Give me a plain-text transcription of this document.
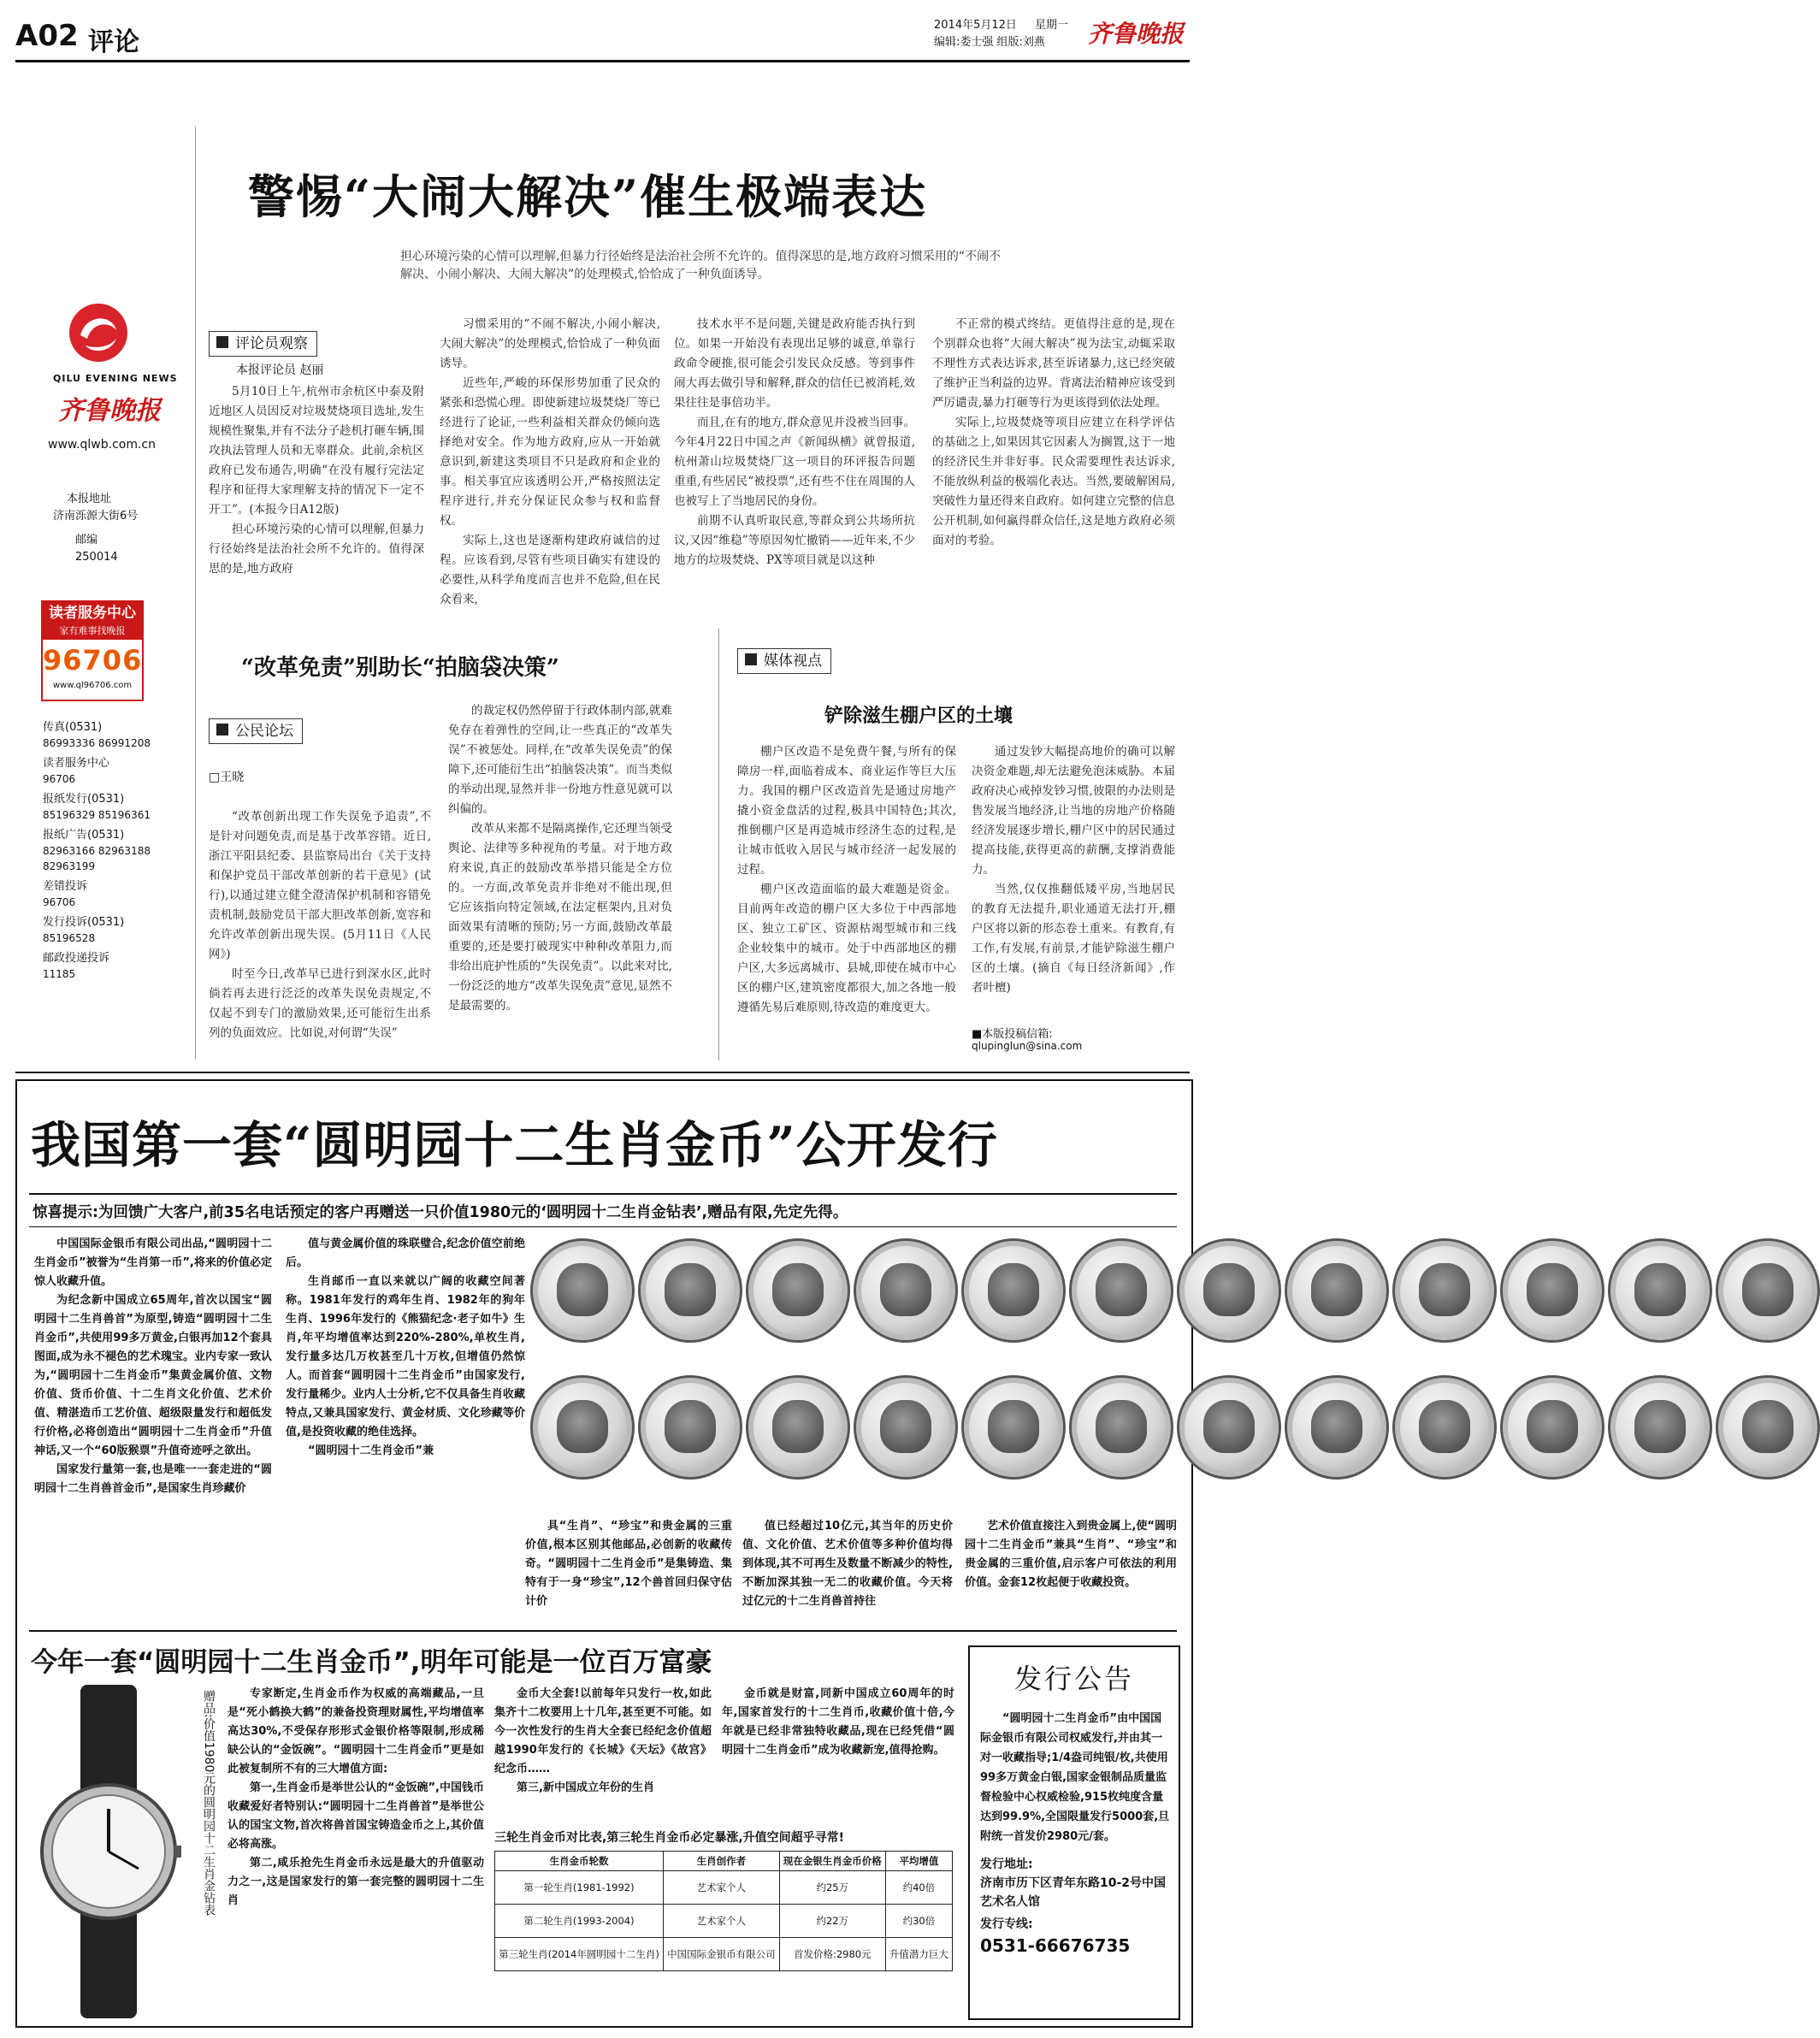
A02 评论
2014年5月12日 星期一
编辑:娄士强 组版:刘燕 齐鲁晚报
QILU EVENING NEWS
齐鲁晚报
www.qlwb.com.cn
本报地址
济南泺源大街6号
邮编
250014
读者服务中心
家有难事找晚报
96706
www.ql96706.com
传真(0531)
86993336 86991208
读者服务中心
96706
报纸发行(0531)
85196329 85196361
报纸广告(0531)
82963166 82963188 82963199
差错投诉
96706
发行投诉(0531)
85196528
邮政投递投诉
11185
警惕“大闹大解决”催生极端表达
担心环境污染的心情可以理解,但暴力行径始终是法治社会所不允许的。值得深思的是,地方政府习惯采用的“不闹不解决、小闹小解决、大闹大解决”的处理模式,恰恰成了一种负面诱导。
评论员观察
本报评论员 赵丽

5月10日上午,杭州市余杭区中泰及附近地区人员因反对垃圾焚烧项目选址,发生规模性聚集,并有不法分子趁机打砸车辆,围攻执法管理人员和无辜群众。此前,余杭区政府已发布通告,明确“在没有履行完法定程序和征得大家理解支持的情况下一定不开工”。(本报今日A12版)

担心环境污染的心情可以理解,但暴力行径始终是法治社会所不允许的。值得深思的是,地方政府

习惯采用的“不闹不解决,小闹小解决,大闹大解决”的处理模式,恰恰成了一种负面诱导。

近些年,严峻的环保形势加重了民众的紧张和恐慌心理。即使新建垃圾焚烧厂等已经进行了论证,一些利益相关群众仍倾向选择绝对安全。作为地方政府,应从一开始就意识到,新建这类项目不只是政府和企业的事。相关事宜应该透明公开,严格按照法定程序进行,并充分保证民众参与权和监督权。

实际上,这也是逐渐构建政府诚信的过程。应该看到,尽管有些项目确实有建设的必要性,从科学角度而言也并不危险,但在民众看来,

技术水平不是问题,关键是政府能否执行到位。如果一开始没有表现出足够的诚意,单靠行政命令硬推,很可能会引发民众反感。等到事件闹大再去做引导和解释,群众的信任已被消耗,效果往往是事倍功半。

而且,在有的地方,群众意见并没被当回事。今年4月22日中国之声《新闻纵横》就曾报道,杭州萧山垃圾焚烧厂这一项目的环评报告问题重重,有些居民“被投票”,还有些不住在周围的人也被写上了当地居民的身份。

前期不认真听取民意,等群众到公共场所抗议,又因“维稳”等原因匆忙撤销——近年来,不少地方的垃圾焚烧、PX等项目就是以这种

不正常的模式终结。更值得注意的是,现在个别群众也将“大闹大解决”视为法宝,动辄采取不理性方式表达诉求,甚至诉诸暴力,这已经突破了维护正当利益的边界。背离法治精神应该受到严厉谴责,暴力打砸等行为更该得到依法处理。

实际上,垃圾焚烧等项目应建立在科学评估的基础之上,如果因其它因素人为搁置,这于一地的经济民生并非好事。民众需要理性表达诉求,不能放纵利益的极端化表达。当然,要破解困局,突破性力量还得来自政府。如何建立完整的信息公开机制,如何赢得群众信任,这是地方政府必须面对的考验。

“改革免责”别助长“拍脑袋决策”
公民论坛
□王晓

“改革创新出现工作失误免予追责”,不是针对问题免责,而是基于改革容错。近日,浙江平阳县纪委、县监察局出台《关于支持和保护党员干部改革创新的若干意见》(试行),以通过建立健全澄清保护机制和容错免责机制,鼓励党员干部大胆改革创新,宽容和允许改革创新出现失误。(5月11日《人民网》)

时至今日,改革早已进行到深水区,此时倘若再去进行泛泛的改革失误免责规定,不仅起不到专门的激励效果,还可能衍生出系列的负面效应。比如说,对何谓“失误”

的裁定权仍然停留于行政体制内部,就难免存在着弹性的空间,让一些真正的“改革失误”不被惩处。同样,在“改革失误免责”的保障下,还可能衍生出“拍脑袋决策”。而当类似的举动出现,显然并非一份地方性意见就可以纠偏的。

改革从来都不是隔离操作,它还理当领受舆论、法律等多种视角的考量。对于地方政府来说,真正的鼓励改革举措只能是全方位的。一方面,改革免责并非绝对不能出现,但它应该指向特定领域,在法定框架内,且对负面效果有清晰的预防;另一方面,鼓励改革最重要的,还是要打破现实中种种改革阻力,而非给出庇护性质的“失误免责”。以此来对比,一份泛泛的地方“改革失误免责”意见,显然不是最需要的。

媒体视点
铲除滋生棚户区的土壤

棚户区改造不是免费午餐,与所有的保障房一样,面临着成本、商业运作等巨大压力。我国的棚户区改造首先是通过房地产撬小资金盘活的过程,极具中国特色;其次,推倒棚户区是再造城市经济生态的过程,是让城市低收入居民与城市经济一起发展的过程。

棚户区改造面临的最大难题是资金。目前两年改造的棚户区大多位于中西部地区、独立工矿区、资源枯竭型城市和三线企业较集中的城市。处于中西部地区的棚户区,大多远离城市、县城,即使在城市中心区的棚户区,建筑密度都很大,加之各地一般遵循先易后难原则,待改造的难度更大。

通过发钞大幅提高地价的确可以解决资金难题,却无法避免泡沫威胁。本届政府决心戒掉发钞习惯,彼限的办法则是售发展当地经济,让当地的房地产价格随经济发展逐步增长,棚户区中的居民通过提高技能,获得更高的薪酬,支撑消费能力。

当然,仅仅推翻低矮平房,当地居民的教育无法提升,职业通道无法打开,棚户区将以新的形态卷土重来。有教育,有工作,有发展,有前景,才能铲除滋生棚户区的土壤。(摘自《每日经济新闻》,作者叶檀)

■本版投稿信箱:
qlupinglun@sina.com
我国第一套“圆明园十二生肖金币”公开发行
惊喜提示:为回馈广大客户,前35名电话预定的客户再赠送一只价值1980元的‘圆明园十二生肖金钻表’,赠品有限,先定先得。

中国国际金银币有限公司出品,“圆明园十二生肖金币”被誉为“生肖第一币”,将来的价值必定惊人收藏升值。

为纪念新中国成立65周年,首次以国宝“圆明园十二生肖兽首”为原型,铸造“圆明园十二生肖金币”,共使用99多万黄金,白银再加12个套具图面,成为永不褪色的艺术瑰宝。业内专家一致认为,“圆明园十二生肖金币”集黄金属价值、文物价值、货币价值、十二生肖文化价值、艺术价值、精湛造币工艺价值、超级限量发行和超低发行价格,必将创造出“圆明园十二生肖金币”升值神话,又一个“60版猴票”升值奇迹呼之欲出。

国家发行量第一套,也是唯一一套走进的“圆明园十二生肖兽首金币”,是国家生肖珍藏价

值与黄金属价值的珠联璧合,纪念价值空前绝后。

生肖邮币一直以来就以广阔的收藏空间著称。1981年发行的鸡年生肖、1982年的狗年生肖、1996年发行的《熊猫纪念·老子如牛》生肖,年平均增值率达到220%-280%,单枚生肖,发行量多达几万枚甚至几十万枚,但增值仍然惊人。而首套“圆明园十二生肖金币”由国家发行,发行量稀少。业内人士分析,它不仅具备生肖收藏特点,又兼具国家发行、黄金材质、文化珍藏等价值,是投资收藏的绝佳选择。

“圆明园十二生肖金币”兼

具“生肖”、“珍宝”和贵金属的三重价值,根本区别其他邮品,必创新的收藏传奇。“圆明园十二生肖金币”是集铸造、集特有于一身“珍宝”,12个兽首回归保守估计价

值已经超过10亿元,其当年的历史价值、文化价值、艺术价值等多种价值均得到体现,其不可再生及数量不断减少的特性,不断加深其独一无二的收藏价值。今天将过亿元的十二生肖兽首持往

艺术价值直接注入到贵金属上,使“圆明园十二生肖金币”兼具“生肖”、“珍宝”和贵金属的三重价值,启示客户可依法的利用价值。金套12枚起便于收藏投资。

今年一套“圆明园十二生肖金币”,明年可能是一位百万富豪
赠品:价值1980元的圆明园十二生肖金钻表	专家断定,生肖金币作为权威的高端藏品,一旦是“死小鹤换大鹤”的兼备投资理财属性,平均增值率高达30%,不受保存形形式金银价格等限制,形成稀缺公认的“金饭碗”。“圆明园十二生肖金币”更是如此被复制所不有的三大增值方面:

第一,生肖金币是举世公认的“金饭碗”,中国钱币收藏爱好者特别认:“圆明园十二生肖兽首”是举世公认的国宝文物,首次将兽首国宝铸造金币之上,其价值必将高涨。

第二,咸乐抢先生肖金币永远是最大的升值驱动力之一,这是国家发行的第一套完整的圆明园十二生肖

金币大全套!以前每年只发行一枚,如此集齐十二枚要用上十几年,甚至更不可能。如今一次性发行的生肖大全套已经纪念价值超越1990年发行的《长城》《天坛》《故宫》纪念币……

第三,新中国成立年份的生肖

金币就是财富,同新中国成立60周年的时年,国家首发行的十二生肖币,收藏价值十倍,今年就是已经非常独特收藏品,现在已经凭借“圆明园十二生肖金币”成为收藏新宠,值得抢购。

三轮生肖金币对比表,第三轮生肖金币必定暴涨,升值空间超乎寻常!
生肖金币轮数	生肖创作者	现在金银生肖金币价格	平均增值
第一轮生肖(1981-1992)	艺术家个人	约25万	约40倍
第二轮生肖(1993-2004)	艺术家个人	约22万	约30倍
第三轮生肖(2014年圆明园十二生肖)	中国国际金银币有限公司	首发价格:2980元	升值潜力巨大
发行公告
“圆明园十二生肖金币”由中国国际金银币有限公司权威发行,并由其一对一收藏指导;1/4盎司纯银/枚,共使用99多万黄金白银,国家金银制品质量监督检验中心权威检验,915枚纯度含量达到99.9%,全国限量发行5000套,旦附统一首发价2980元/套。
发行地址:
济南市历下区青年东路10-2号中国艺术名人馆
发行专线:
0531-66676735
